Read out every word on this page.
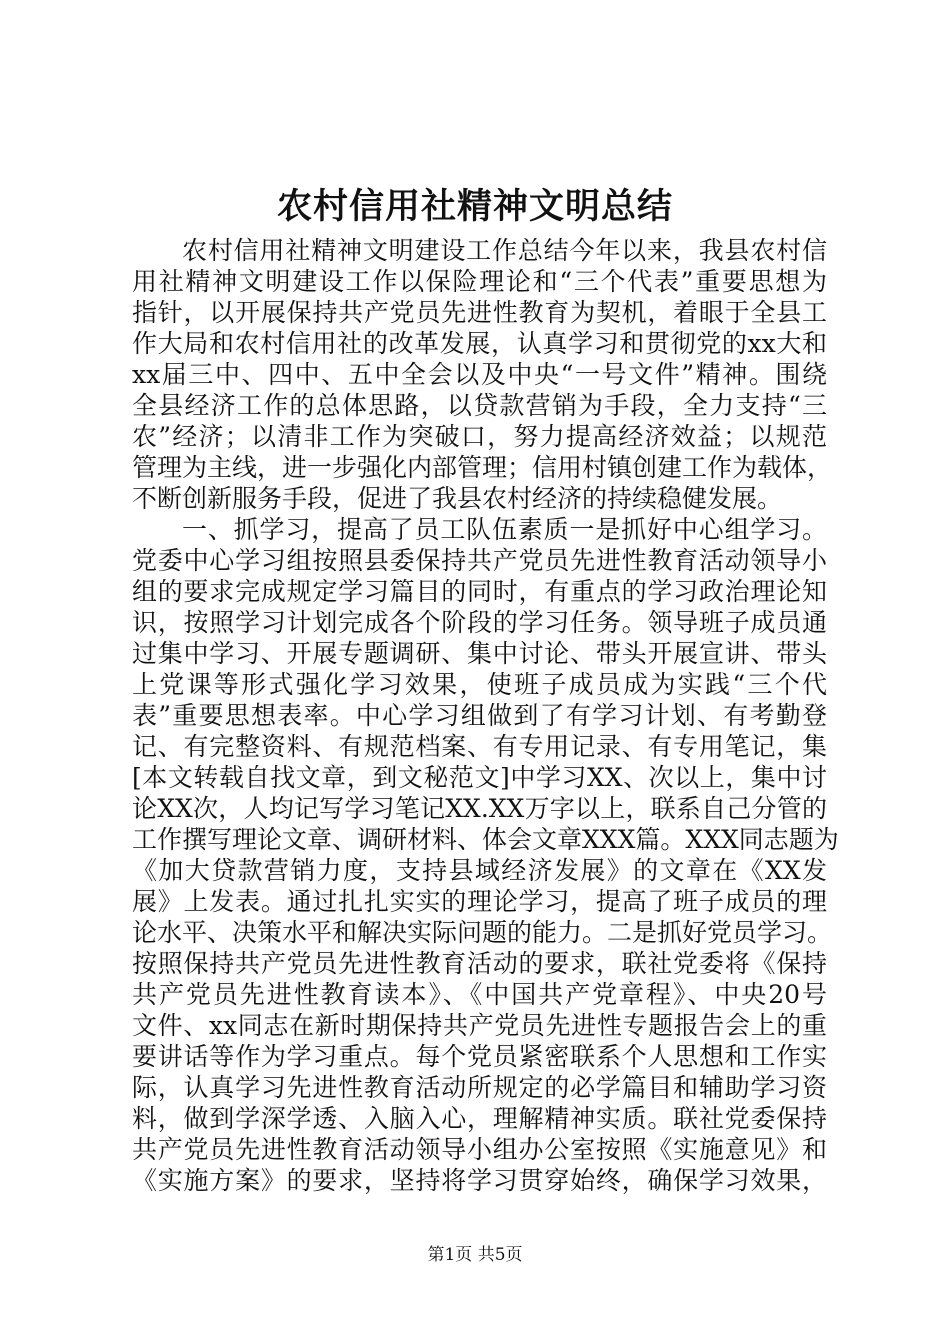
农村信用社精神文明总结
农村信用社精神文明建设工作总结今年以来，我县农村信
用社精神文明建设工作以保险理论和“三个代表”重要思想为
指针，以开展保持共产党员先进性教育为契机，着眼于全县工
作大局和农村信用社的改革发展，认真学习和贯彻党的xx大和
xx届三中、四中、五中全会以及中央“一号文件”精神。围绕
全县经济工作的总体思路，以贷款营销为手段，全力支持“三
农”经济；以清非工作为突破口，努力提高经济效益；以规范
管理为主线，进一步强化内部管理；信用村镇创建工作为载体，
不断创新服务手段，促进了我县农村经济的持续稳健发展。
一、抓学习，提高了员工队伍素质一是抓好中心组学习。
党委中心学习组按照县委保持共产党员先进性教育活动领导小
组的要求完成规定学习篇目的同时，有重点的学习政治理论知
识，按照学习计划完成各个阶段的学习任务。领导班子成员通
过集中学习、开展专题调研、集中讨论、带头开展宣讲、带头
上党课等形式强化学习效果，使班子成员成为实践“三个代
表”重要思想表率。中心学习组做到了有学习计划、有考勤登
记、有完整资料、有规范档案、有专用记录、有专用笔记，集
[本文转载自找文章，到文秘范文]中学习XX、次以上，集中讨
论XX次，人均记写学习笔记XX.XX万字以上，联系自己分管的
工作撰写理论文章、调研材料、体会文章XXX篇。XXX同志题为
《加大贷款营销力度，支持县域经济发展》的文章在《XX发
展》上发表。通过扎扎实实的理论学习，提高了班子成员的理
论水平、决策水平和解决实际问题的能力。二是抓好党员学习。
按照保持共产党员先进性教育活动的要求，联社党委将《保持
共产党员先进性教育读本》、《中国共产党章程》、中央20号
文件、xx同志在新时期保持共产党员先进性专题报告会上的重
要讲话等作为学习重点。每个党员紧密联系个人思想和工作实
际，认真学习先进性教育活动所规定的必学篇目和辅助学习资
料，做到学深学透、入脑入心，理解精神实质。联社党委保持
共产党员先进性教育活动领导小组办公室按照《实施意见》和
《实施方案》的要求，坚持将学习贯穿始终，确保学习效果，
第1页 共5页
